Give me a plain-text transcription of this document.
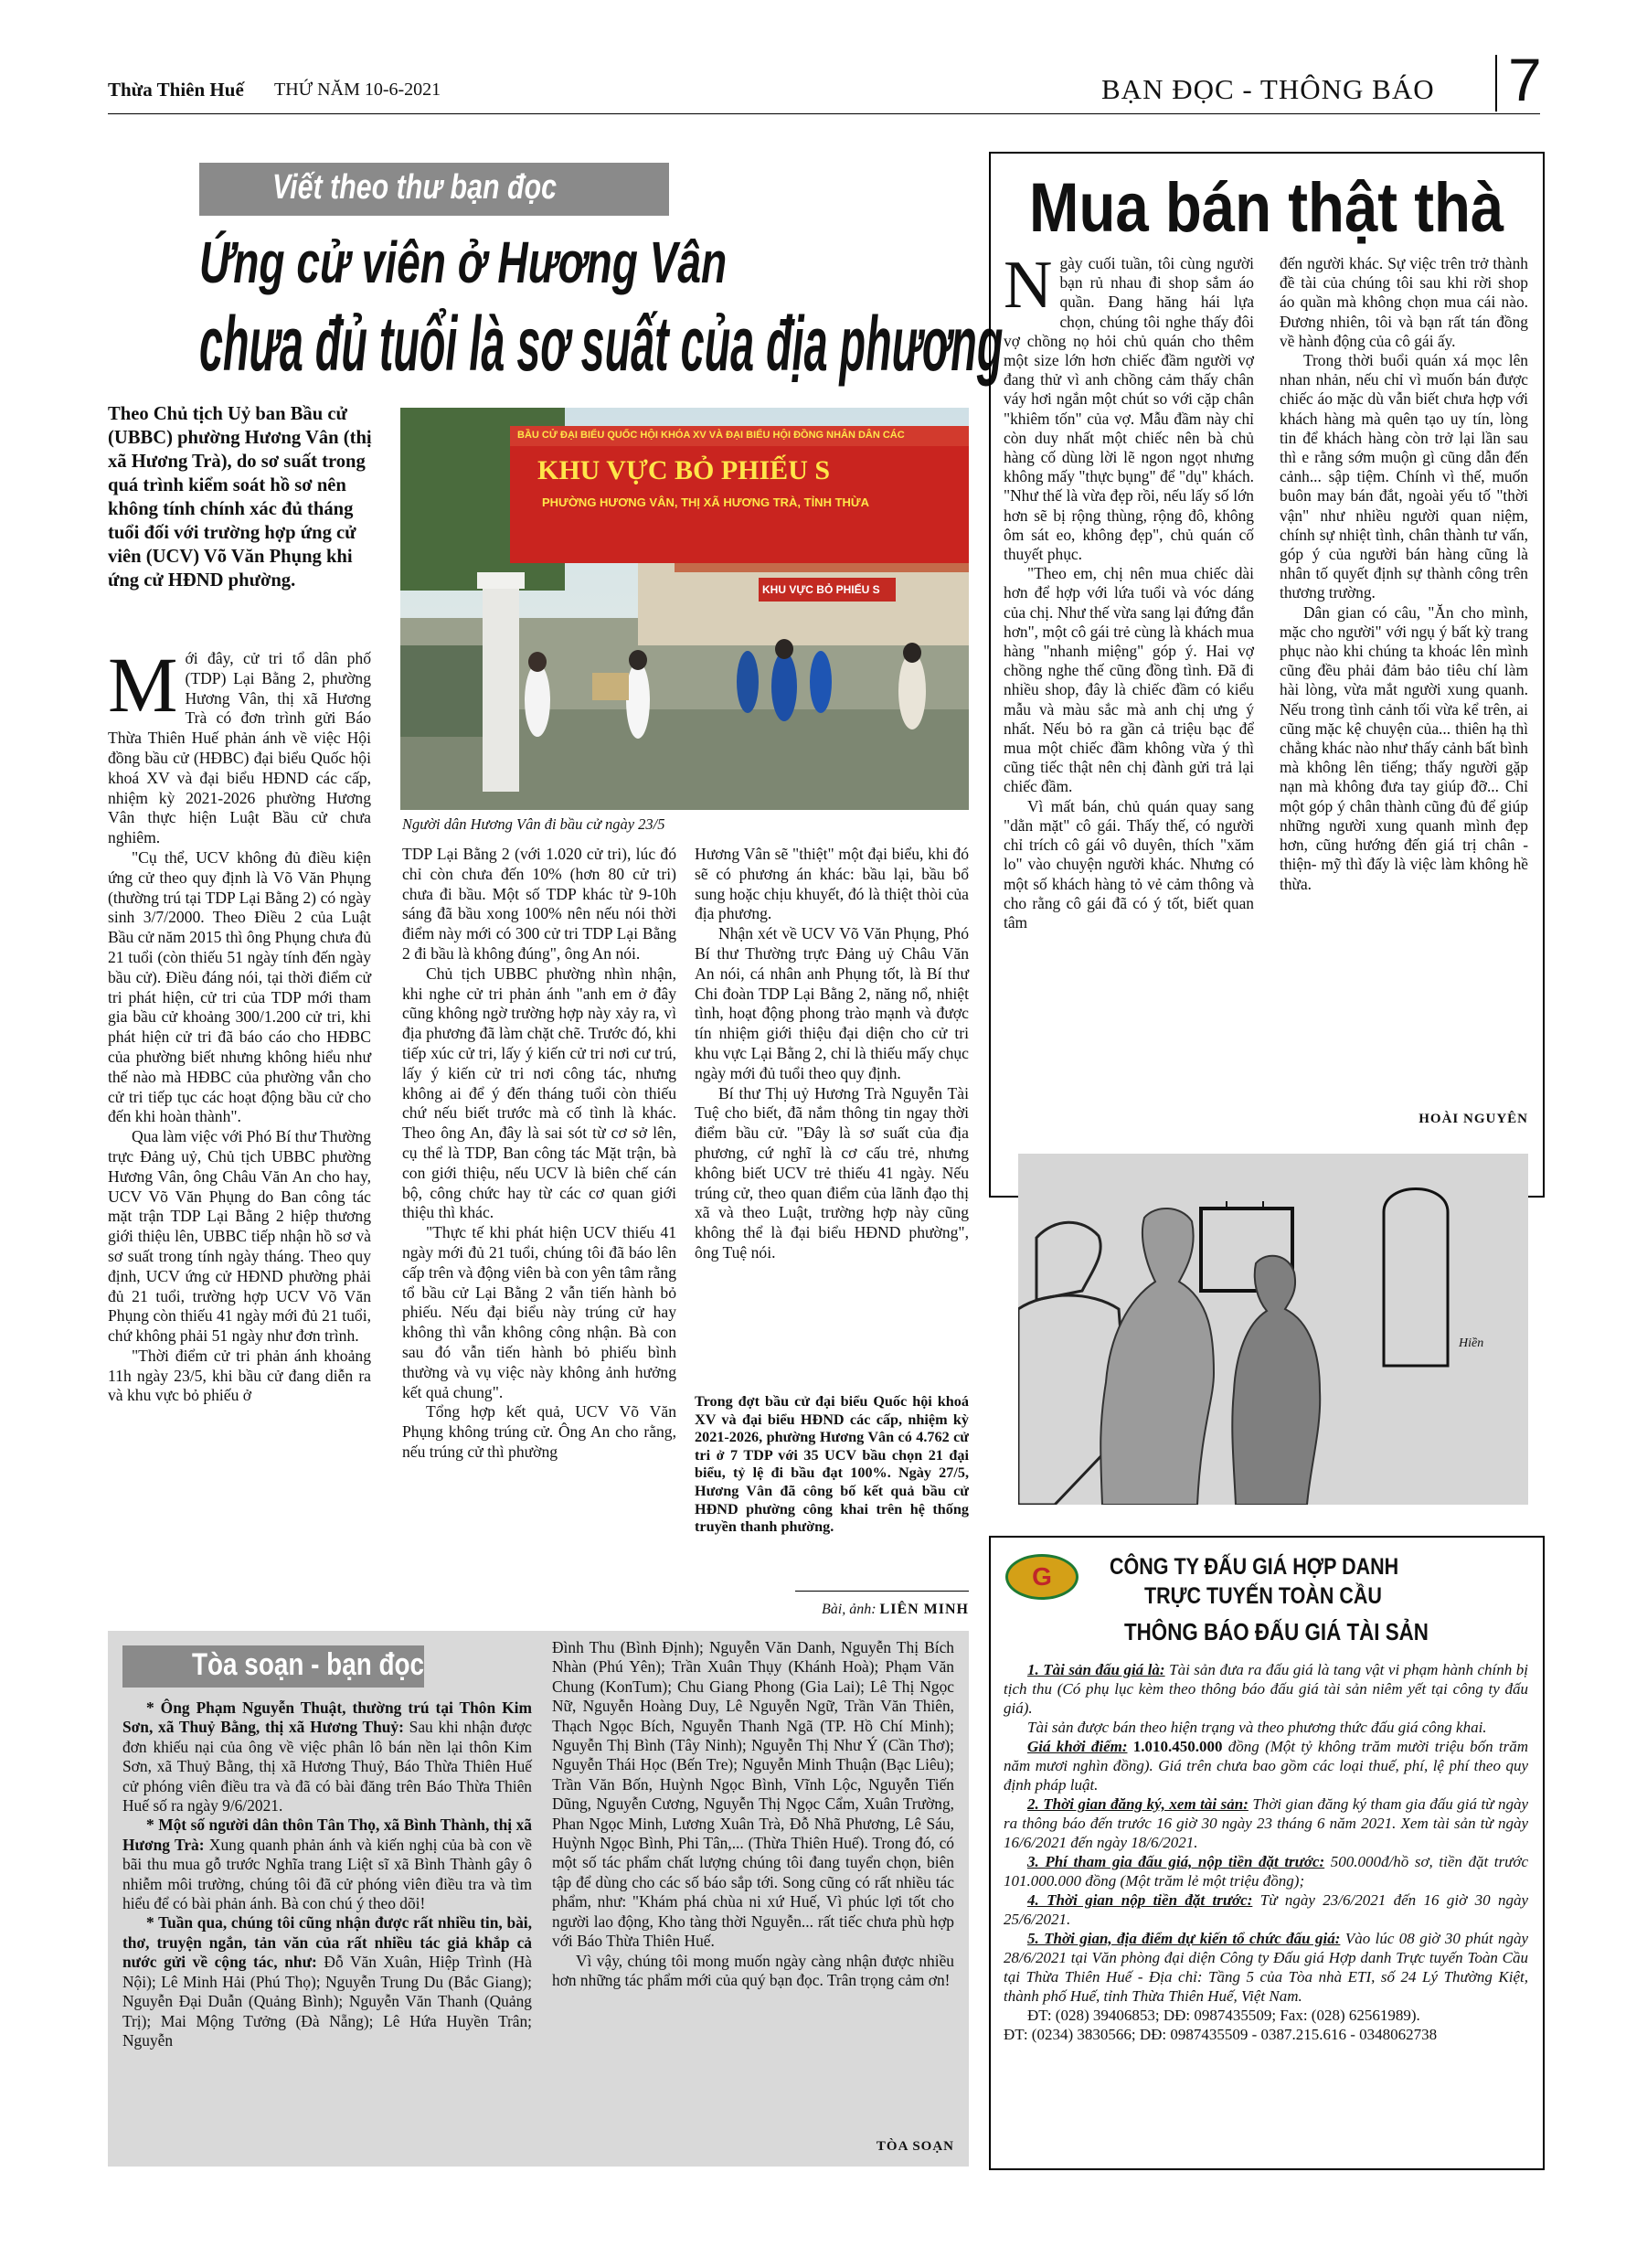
Thừa Thiên Huế THỨ NĂM 10-6-2021	BẠN ĐỌC - THÔNG BÁO 7
Viết theo thư bạn đọc
Ứng cử viên ở Hương Vân
chưa đủ tuổi là sơ suất của địa phương
Theo Chủ tịch Uỷ ban Bầu cử (UBBC) phường Hương Vân (thị xã Hương Trà), do sơ suất trong quá trình kiểm soát hồ sơ nên không tính chính xác đủ tháng tuổi đối với trường hợp ứng cử viên (UCV) Võ Văn Phụng khi ứng cử HĐND phường.
BẦU CỬ ĐẠI BIỂU QUỐC HỘI KHÓA XV VÀ ĐẠI BIỂU HỘI ĐỒNG NHÂN DÂN CÁC
KHU VỰC BỎ PHIẾU S
PHƯỜNG HƯƠNG VÂN, THỊ XÃ HƯƠNG TRÀ, TỈNH THỪA
KHU VỰC BỎ PHIẾU S
Người dân Hương Vân đi bầu cử ngày 23/5

Mới đây, cử tri tổ dân phố (TDP) Lại Bằng 2, phường Hương Vân, thị xã Hương Trà có đơn trình gửi Báo Thừa Thiên Huế phản ánh về việc Hội đồng bầu cử (HĐBC) đại biểu Quốc hội khoá XV và đại biểu HĐND các cấp, nhiệm kỳ 2021-2026 phường Hương Vân thực hiện Luật Bầu cử chưa nghiêm.

"Cụ thể, UCV không đủ điều kiện ứng cử theo quy định là Võ Văn Phụng (thường trú tại TDP Lại Bằng 2) có ngày sinh 3/7/2000. Theo Điều 2 của Luật Bầu cử năm 2015 thì ông Phụng chưa đủ 21 tuổi (còn thiếu 51 ngày tính đến ngày bầu cử). Điều đáng nói, tại thời điểm cử tri phát hiện, cử tri của TDP mới tham gia bầu cử khoảng 300/1.200 cử tri, khi phát hiện cử tri đã báo cáo cho HĐBC của phường biết nhưng không hiểu như thế nào mà HĐBC của phường vẫn cho cử tri tiếp tục các hoạt động bầu cử cho đến khi hoàn thành".

Qua làm việc với Phó Bí thư Thường trực Đảng uỷ, Chủ tịch UBBC phường Hương Vân, ông Châu Văn An cho hay, UCV Võ Văn Phụng do Ban công tác mặt trận TDP Lại Bằng 2 hiệp thương giới thiệu lên, UBBC tiếp nhận hồ sơ và sơ suất trong tính ngày tháng. Theo quy định, UCV ứng cử HĐND phường phải đủ 21 tuổi, trường hợp UCV Võ Văn Phụng còn thiếu 41 ngày mới đủ 21 tuổi, chứ không phải 51 ngày như đơn trình.

"Thời điểm cử tri phản ánh khoảng 11h ngày 23/5, khi bầu cử đang diễn ra và khu vực bỏ phiếu ở

TDP Lại Bằng 2 (với 1.020 cử tri), lúc đó chỉ còn chưa đến 10% (hơn 80 cử tri) chưa đi bầu. Một số TDP khác từ 9-10h sáng đã bầu xong 100% nên nếu nói thời điểm này mới có 300 cử tri TDP Lại Bằng 2 đi bầu là không đúng", ông An nói.

Chủ tịch UBBC phường nhìn nhận, khi nghe cử tri phản ánh "anh em ở đây cũng không ngờ trường hợp này xảy ra, vì địa phương đã làm chặt chẽ. Trước đó, khi tiếp xúc cử tri, lấy ý kiến cử tri nơi cư trú, lấy ý kiến cử tri nơi công tác, nhưng không ai để ý đến tháng tuổi còn thiếu chứ nếu biết trước mà cố tình là khác. Theo ông An, đây là sai sót từ cơ sở lên, cụ thể là TDP, Ban công tác Mặt trận, bà con giới thiệu, nếu UCV là biên chế cán bộ, công chức hay từ các cơ quan giới thiệu thì khác.

"Thực tế khi phát hiện UCV thiếu 41 ngày mới đủ 21 tuổi, chúng tôi đã báo lên cấp trên và động viên bà con yên tâm rằng tổ bầu cử Lại Bằng 2 vẫn tiến hành bỏ phiếu. Nếu đại biểu này trúng cử hay không thì vẫn không công nhận. Bà con sau đó vẫn tiến hành bỏ phiếu bình thường và vụ việc này không ảnh hưởng kết quả chung".

Tổng hợp kết quả, UCV Võ Văn Phụng không trúng cử. Ông An cho rằng, nếu trúng cử thì phường

Hương Vân sẽ "thiệt" một đại biểu, khi đó sẽ có phương án khác: bầu lại, bầu bổ sung hoặc chịu khuyết, đó là thiệt thòi của địa phương.

Nhận xét về UCV Võ Văn Phụng, Phó Bí thư Thường trực Đảng uỷ Châu Văn An nói, cá nhân anh Phụng tốt, là Bí thư Chi đoàn TDP Lại Bằng 2, năng nổ, nhiệt tình, hoạt động phong trào mạnh và được tín nhiệm giới thiệu đại diện cho cử tri khu vực Lại Bằng 2, chỉ là thiếu mấy chục ngày mới đủ tuổi theo quy định.

Bí thư Thị uỷ Hương Trà Nguyễn Tài Tuệ cho biết, đã nắm thông tin ngay thời điểm bầu cử. "Đây là sơ suất của địa phương, cứ nghĩ là cơ cấu trẻ, nhưng không biết UCV trẻ thiếu 41 ngày. Nếu trúng cử, theo quan điểm của lãnh đạo thị xã và theo Luật, trường hợp này cũng không thể là đại biểu HĐND phường", ông Tuệ nói.

Trong đợt bầu cử đại biểu Quốc hội khoá XV và đại biểu HĐND các cấp, nhiệm kỳ 2021-2026, phường Hương Vân có 4.762 cử tri ở 7 TDP với 35 UCV bầu chọn 21 đại biểu, tỷ lệ đi bầu đạt 100%. Ngày 27/5, Hương Vân đã công bố kết quả bầu cử HĐND phường công khai trên hệ thống truyền thanh phường.
Bài, ảnh: LIÊN MINH
Mua bán thật thà

Ngày cuối tuần, tôi cùng người bạn rủ nhau đi shop sắm áo quần. Đang hăng hái lựa chọn, chúng tôi nghe thấy đôi vợ chồng nọ hỏi chủ quán cho thêm một size lớn hơn chiếc đầm người vợ đang thử vì anh chồng cảm thấy chân váy hơi ngắn một chút so với cặp chân "khiêm tốn" của vợ. Mẫu đầm này chỉ còn duy nhất một chiếc nên bà chủ hàng cố dùng lời lẽ ngon ngọt nhưng không mấy "thực bụng" để "dụ" khách. "Như thế là vừa đẹp rồi, nếu lấy số lớn hơn sẽ bị rộng thùng, rộng đô, không ôm sát eo, không đẹp", chủ quán cố thuyết phục.

"Theo em, chị nên mua chiếc dài hơn để hợp với lứa tuổi và vóc dáng của chị. Như thế vừa sang lại đứng đắn hơn", một cô gái trẻ cùng là khách mua hàng "nhanh miệng" góp ý. Hai vợ chồng nghe thế cũng đồng tình. Đã đi nhiều shop, đây là chiếc đầm có kiểu mẫu và màu sắc mà anh chị ưng ý nhất. Nếu bỏ ra gần cả triệu bạc để mua một chiếc đầm không vừa ý thì cũng tiếc thật nên chị đành gửi trả lại chiếc đầm.

Vì mất bán, chủ quán quay sang "dằn mặt" cô gái. Thấy thế, có người chỉ trích cô gái vô duyên, thích "xăm lo" vào chuyện người khác. Nhưng có một số khách hàng tỏ vẻ cảm thông và cho rằng cô gái đã có ý tốt, biết quan tâm

đến người khác. Sự việc trên trở thành đề tài của chúng tôi sau khi rời shop áo quần mà không chọn mua cái nào. Đương nhiên, tôi và bạn rất tán đồng về hành động của cô gái ấy.

Trong thời buổi quán xá mọc lên nhan nhản, nếu chỉ vì muốn bán được chiếc áo mặc dù vẫn biết chưa hợp với khách hàng mà quên tạo uy tín, lòng tin để khách hàng còn trở lại lần sau thì e rằng sớm muộn gì cũng dẫn đến cảnh... sập tiệm. Chính vì thế, muốn buôn may bán đắt, ngoài yếu tố "thời vận" như nhiều người quan niệm, chính sự nhiệt tình, chân thành tư vấn, góp ý của người bán hàng cũng là nhân tố quyết định sự thành công trên thương trường.

Dân gian có câu, "Ăn cho mình, mặc cho người" với ngụ ý bất kỳ trang phục nào khi chúng ta khoác lên mình cũng đều phải đảm bảo tiêu chí làm hài lòng, vừa mắt người xung quanh. Nếu trong tình cảnh tối vừa kể trên, ai cũng mặc kệ chuyện của... thiên hạ thì chẳng khác nào như thấy cảnh bất bình mà không lên tiếng; thấy người gặp nạn mà không đưa tay giúp đỡ... Chỉ một góp ý chân thành cũng đủ để giúp những người xung quanh mình đẹp hơn, cũng hướng đến giá trị chân - thiện- mỹ thì đấy là việc làm không hề thừa.

HOÀI NGUYÊN
Hiền
Tòa soạn - bạn đọc

* Ông Phạm Nguyễn Thuật, thường trú tại Thôn Kim Sơn, xã Thuỷ Bằng, thị xã Hương Thuỷ: Sau khi nhận được đơn khiếu nại của ông về việc phân lô bán nền lại thôn Kim Sơn, xã Thuỷ Bằng, thị xã Hương Thuỷ, Báo Thừa Thiên Huế cử phóng viên điều tra và đã có bài đăng trên Báo Thừa Thiên Huế số ra ngày 9/6/2021.

* Một số người dân thôn Tân Thọ, xã Bình Thành, thị xã Hương Trà: Xung quanh phản ánh và kiến nghị của bà con về bãi thu mua gỗ trước Nghĩa trang Liệt sĩ xã Bình Thành gây ô nhiễm môi trường, chúng tôi đã cử phóng viên điều tra và tìm hiểu để có bài phản ánh. Bà con chú ý theo dõi!

* Tuần qua, chúng tôi cũng nhận được rất nhiều tin, bài, thơ, truyện ngắn, tản văn của rất nhiều tác giả khắp cả nước gửi về cộng tác, như: Đỗ Văn Xuân, Hiệp Trình (Hà Nội); Lê Minh Hải (Phú Thọ); Nguyễn Trung Du (Bắc Giang); Nguyễn Đại Duẫn (Quảng Bình); Nguyễn Văn Thanh (Quảng Trị); Mai Mộng Tưởng (Đà Nẵng); Lê Hứa Huyền Trân; Nguyễn

Đình Thu (Bình Định); Nguyễn Văn Danh, Nguyễn Thị Bích Nhàn (Phú Yên); Trần Xuân Thụy (Khánh Hoà); Phạm Văn Chung (KonTum); Chu Giang Phong (Gia Lai); Lê Thị Ngọc Nữ, Nguyễn Hoàng Duy, Lê Nguyễn Ngữ, Trần Văn Thiên, Thạch Ngọc Bích, Nguyễn Thanh Ngã (TP. Hồ Chí Minh); Nguyễn Thị Bình (Tây Ninh); Nguyễn Thị Như Ý (Cần Thơ); Nguyễn Thái Học (Bến Tre); Nguyễn Minh Thuận (Bạc Liêu); Trần Văn Bốn, Huỳnh Ngọc Bình, Vĩnh Lộc, Nguyễn Tiến Dũng, Nguyễn Cương, Nguyễn Thị Ngọc Cẩm, Xuân Trường, Phan Ngọc Minh, Lương Xuân Trà, Đỗ Nhã Phương, Lê Sáu, Huỳnh Ngọc Bình, Phi Tân,... (Thừa Thiên Huế). Trong đó, có một số tác phẩm chất lượng chúng tôi đang tuyển chọn, biên tập để dùng cho các số báo sắp tới. Song cũng có rất nhiều tác phẩm, như: "Khám phá chùa ni xứ Huế, Vì phúc lợi tốt cho người lao động, Kho tàng thời Nguyễn... rất tiếc chưa phù hợp với Báo Thừa Thiên Huế.

Vì vậy, chúng tôi mong muốn ngày càng nhận được nhiều hơn những tác phẩm mới của quý bạn đọc. Trân trọng cảm ơn!

TÒA SOẠN
G	CÔNG TY ĐẤU GIÁ HỢP DANH
TRỰC TUYẾN TOÀN CẦU
THÔNG BÁO ĐẤU GIÁ TÀI SẢN

1. Tài sản đấu giá là: Tài sản đưa ra đấu giá là tang vật vi phạm hành chính bị tịch thu (Có phụ lục kèm theo thông báo đấu giá tài sản niêm yết tại công ty đấu giá).

Tài sản được bán theo hiện trạng và theo phương thức đấu giá công khai.

Giá khởi điểm: 1.010.450.000 đồng (Một tỷ không trăm mười triệu bốn trăm năm mươi nghìn đồng). Giá trên chưa bao gồm các loại thuế, phí, lệ phí theo quy định pháp luật.

2. Thời gian đăng ký, xem tài sản: Thời gian đăng ký tham gia đấu giá từ ngày ra thông báo đến trước 16 giờ 30 ngày 23 tháng 6 năm 2021. Xem tài sản từ ngày 16/6/2021 đến ngày 18/6/2021.

3. Phí tham gia đấu giá, nộp tiền đặt trước: 500.000đ/hồ sơ, tiền đặt trước 101.000.000 đồng (Một trăm lẻ một triệu đồng);

4. Thời gian nộp tiền đặt trước: Từ ngày 23/6/2021 đến 16 giờ 30 ngày 25/6/2021.

5. Thời gian, địa điểm dự kiến tổ chức đấu giá: Vào lúc 08 giờ 30 phút ngày 28/6/2021 tại Văn phòng đại diện Công ty Đấu giá Hợp danh Trực tuyến Toàn Cầu tại Thừa Thiên Huế - Địa chỉ: Tầng 5 của Tòa nhà ETI, số 24 Lý Thường Kiệt, thành phố Huế, tỉnh Thừa Thiên Huế, Việt Nam.

ĐT: (028) 39406853; DĐ: 0987435509; Fax: (028) 62561989).

ĐT: (0234) 3830566; DĐ: 0987435509 - 0387.215.616 - 0348062738
